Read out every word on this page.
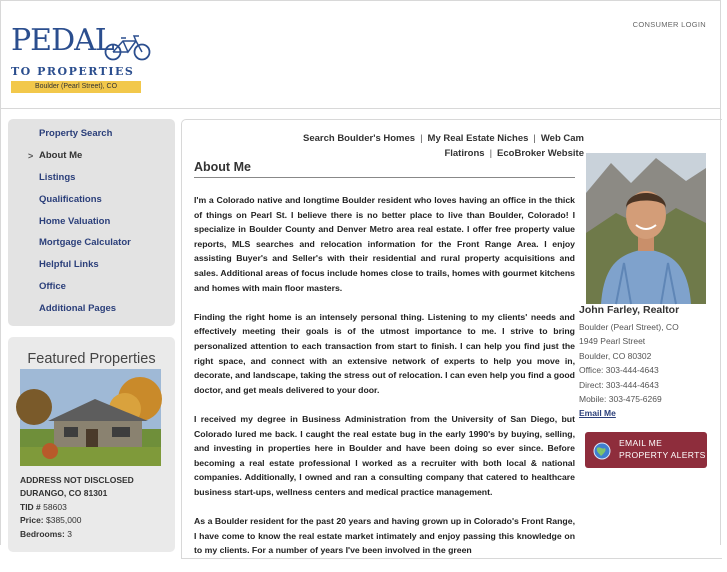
PEDAL
TO PROPERTIES
Boulder (Pearl Street), CO
CONSUMER LOGIN
Property Search
> About Me
Listings
Qualifications
Home Valuation
Mortgage Calculator
Helpful Links
Office
Additional Pages
Featured Properties
ADDRESS NOT DISCLOSED
DURANGO, CO 81301
TID # 58603
Price: $385,000
Bedrooms: 3
Search Boulder's Homes | My Real Estate Niches | Web Cam
Flatirons | EcoBroker Website
About Me

I'm a Colorado native and longtime Boulder resident who loves having an office in the thick of things on Pearl St. I believe there is no better place to live than Boulder, Colorado! I specialize in Boulder County and Denver Metro area real estate. I offer free property value reports, MLS searches and relocation information for the Front Range Area. I enjoy assisting Buyer's and Seller's with their residential and rural property acquisitions and sales. Additional areas of focus include homes close to trails, homes with gourmet kitchens and homes with main floor masters.

Finding the right home is an intensely personal thing. Listening to my clients' needs and effectively meeting their goals is of the utmost importance to me. I strive to bring personalized attention to each transaction from start to finish. I can help you find just the right space, and connect with an extensive network of experts to help you move in, decorate, and landscape, taking the stress out of relocation. I can even help you find a good doctor, and get meals delivered to your door.

I received my degree in Business Administration from the University of San Diego, but Colorado lured me back. I caught the real estate bug in the early 1990's by buying, selling, and investing in properties here in Boulder and have been doing so ever since. Before becoming a real estate professional I worked as a recruiter with both local & national companies. Additionally, I owned and ran a consulting company that catered to healthcare business start-ups, wellness centers and medical practice management.

As a Boulder resident for the past 20 years and having grown up in Colorado's Front Range, I have come to know the real estate market intimately and enjoy passing this knowledge on to my clients. For a number of years I've been involved in the green

John Farley, Realtor
Boulder (Pearl Street), CO
1949 Pearl Street
Boulder, CO 80302
Office: 303-444-4643
Direct: 303-444-4643
Mobile: 303-475-6269
Email Me
EMAIL ME
PROPERTY ALERTS
